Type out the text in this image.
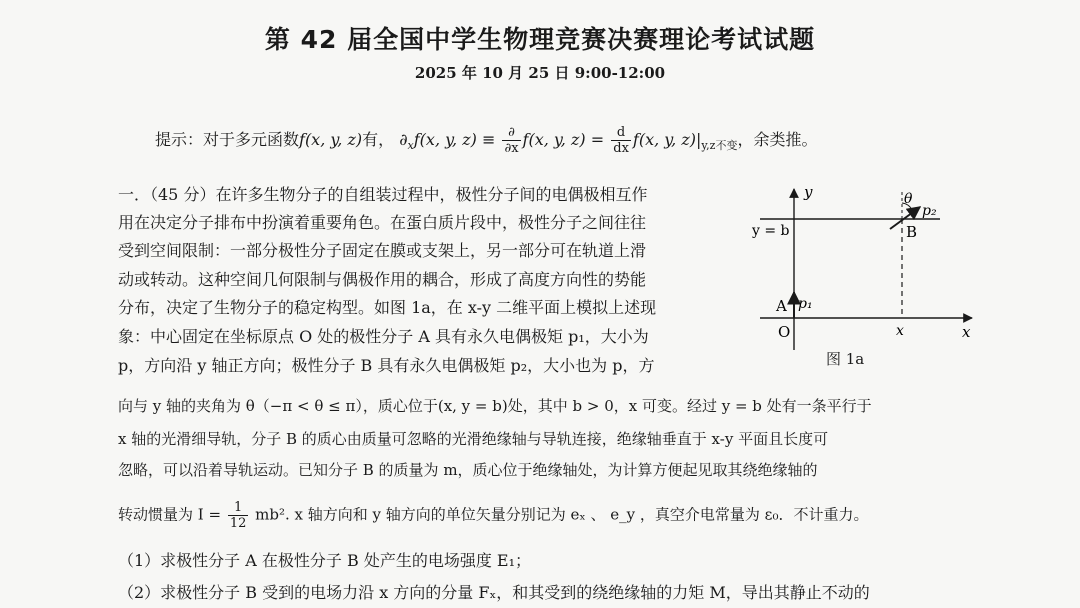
第 42 届全国中学生物理竞赛决赛理论考试试题
2025 年 10 月 25 日 9:00-12:00
提示：对于多元函数f(x, y, z)有， $\partial_xf(x$, y, $z) \equiv \frac{\partial}{\partial x} f(x$, y, $z) = \frac{d}{dx} f(x$, y, $z)|_{y,z不变}$，余类推。
一．（45 分）在许多生物分子的自组装过程中，极性分子间的电偶极相互作
用在决定分子排布中扮演着重要角色。在蛋白质片段中，极性分子之间往往
受到空间限制：一部分极性分子固定在膜或支架上，另一部分可在轨道上滑
动或转动。这种空间几何限制与偶极作用的耦合，形成了高度方向性的势能
分布，决定了生物分子的稳定构型。如图 1a，在 x-y 二维平面上模拟上述现
象：中心固定在坐标原点 O 处的极性分子 A 具有永久电偶极矩 p₁，大小为
p，方向沿 y 轴正方向；极性分子 B 具有永久电偶极矩 p₂，大小也为 p，方
向与 y 轴的夹角为 θ（−π < θ ≤ π），质心位于(x, y = b)处，其中 b > 0，x 可变。经过 y = b 处有一条平行于
x 轴的光滑细导轨，分子 B 的质心由质量可忽略的光滑绝缘轴与导轨连接，绝缘轴垂直于 x-y 平面且长度可
忽略，可以沿着导轨运动。已知分子 B 的质量为 m，质心位于绝缘轴处，为计算方便起见取其绕绝缘轴的
转动惯量为 $I = \frac{1}{12} mb^2$. x 轴方向和 y 轴方向的单位矢量分别记为 eₓ 、 e_y ，真空介电常量为 ε₀．不计重力。
（1）求极性分子 A 在极性分子 B 处产生的电场强度 E₁；
（2）求极性分子 B 受到的电场力沿 x 方向的分量 Fₓ，和其受到的绕绝缘轴的力矩 M，导出其静止不动的
y
x
x
y = b
O
A p₁
B
p₂
θ
图 1a
